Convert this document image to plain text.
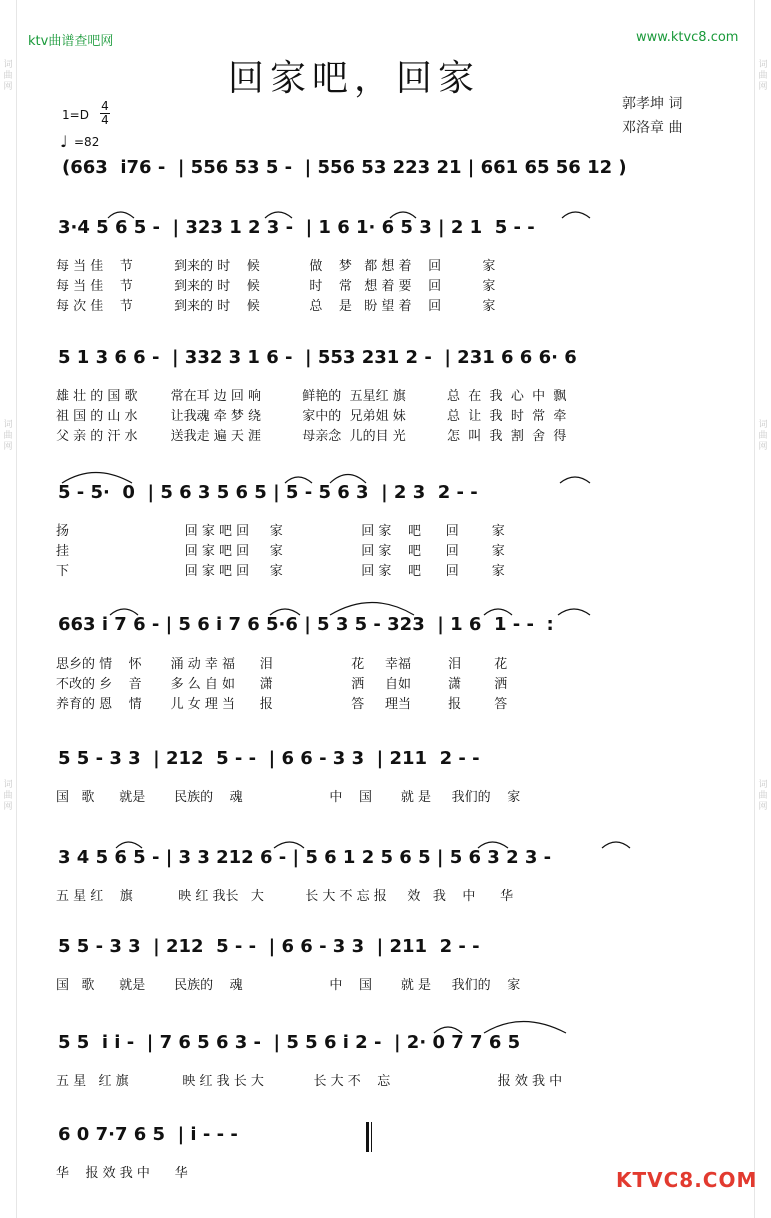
词 曲 网
词 曲 网
词 曲 网
词 曲 网
词 曲 网
词 曲 网
ktv曲谱查吧网	www.ktvc8.com
回家吧，回家
郭孝坤 词
邓洛章 曲
1=D
4
4
♩ =82
(663  i76 -  | 556 53 5 -  | 556 53 223 21 | 661 65 56 12 )
3·4 5 6 5 -  | 323 1 2 3 -  | 1 6 1· 6 5 3 | 2 1  5 - -
每 当 佳    节          到来的 时    候            做    梦   都 想 着    回          家
每 当 佳    节          到来的 时    候            时    常   想 着 要    回          家
每 次 佳    节          到来的 时    候            总    是   盼 望 着    回          家
5 1 3 6 6 -  | 332 3 1 6 -  | 553 231 2 -  | 231 6 6 6· 6
雄 壮 的 国 歌        常在耳 边 回 响          鲜艳的  五星红 旗          总  在  我  心  中  飘
祖 国 的 山 水        让我魂 牵 梦 绕          家中的  兄弟姐 妹          总  让  我  时  常  牵
父 亲 的 汗 水        送我走 遍 天 涯          母亲念  儿的目 光          怎  叫  我  割  舍  得
5 - 5·  0  | 5 6 3 5 6 5 | 5 - 5 6 3  | 2 3  2 - -
扬                            回 家 吧 回     家                   回 家    吧      回        家
挂                            回 家 吧 回     家                   回 家    吧      回        家
下                            回 家 吧 回     家                   回 家    吧      回        家
663 i 7 6 - | 5 6 i 7 6 5·6 | 5 3 5 - 323  | 1 6  1 - -  :
思乡的 情    怀       涌 动 幸 福      泪                   花     幸福         泪        花
不改的 乡    音       多 么 自 如      潇                   洒     自如         潇        洒
养育的 恩    情       儿 女 理 当      报                   答     理当         报        答
5 5 - 3 3  | 212  5 - -  | 6 6 - 3 3  | 211  2 - -
国   歌      就是       民族的    魂                     中    国       就 是     我们的    家
3 4 5 6 5 - | 3 3 212 6 - | 5 6 1 2 5 6 5 | 5 6 3 2 3 -
五 星 红    旗           映 红 我长   大          长 大 不 忘 报     效   我    中      华
5 5 - 3 3  | 212  5 - -  | 6 6 - 3 3  | 211  2 - -
国   歌      就是       民族的    魂                     中    国       就 是     我们的    家
5 5  i i -  | 7 6 5 6 3 -  | 5 5 6 i 2 -  | 2· 0 7 7 6 5
五 星   红 旗             映 红 我 长 大            长 大 不    忘                          报 效 我 中
6 0 7·7 6 5  | i - - -
华    报 效 我 中      华	KTVC8.COM
